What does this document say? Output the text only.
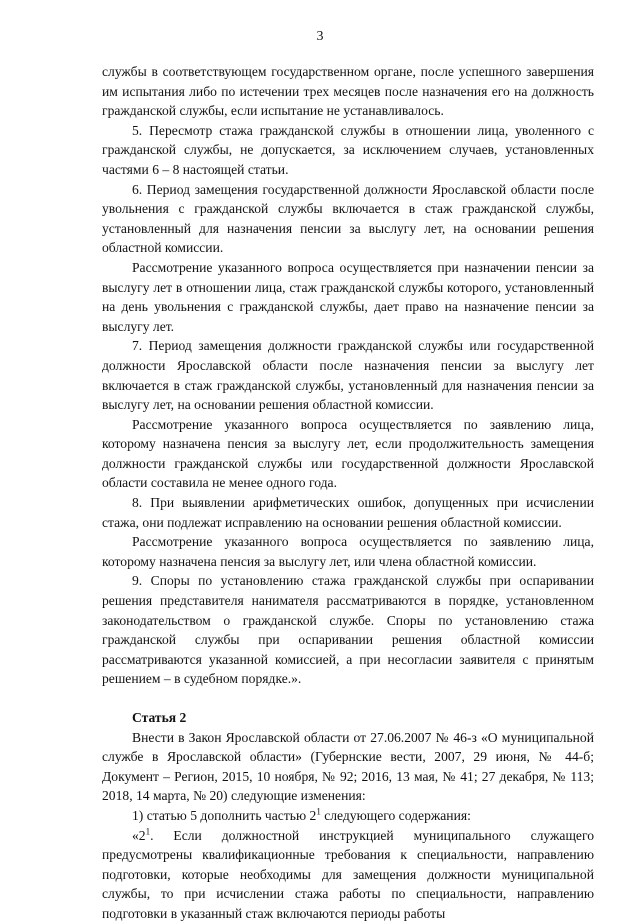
3

службы в соответствующем государственном органе, после успешного завершения им испытания либо по истечении трех месяцев после назначения его на должность гражданской службы, если испытание не устанавливалось.

5. Пересмотр стажа гражданской службы в отношении лица, уволенного с гражданской службы, не допускается, за исключением случаев, установленных частями 6 – 8 настоящей статьи.

6. Период замещения государственной должности Ярославской области после увольнения с гражданской службы включается в стаж гражданской службы, установленный для назначения пенсии за выслугу лет, на основании решения областной комиссии.

Рассмотрение указанного вопроса осуществляется при назначении пенсии за выслугу лет в отношении лица, стаж гражданской службы которого, установленный на день увольнения с гражданской службы, дает право на назначение пенсии за выслугу лет.

7. Период замещения должности гражданской службы или государственной должности Ярославской области после назначения пенсии за выслугу лет включается в стаж гражданской службы, установленный для назначения пенсии за выслугу лет, на основании решения областной комиссии.

Рассмотрение указанного вопроса осуществляется по заявлению лица, которому назначена пенсия за выслугу лет, если продолжительность замещения должности гражданской службы или государственной должности Ярославской области составила не менее одного года.

8. При выявлении арифметических ошибок, допущенных при исчислении стажа, они подлежат исправлению на основании решения областной комиссии.

Рассмотрение указанного вопроса осуществляется по заявлению лица, которому назначена пенсия за выслугу лет, или члена областной комиссии.

9. Споры по установлению стажа гражданской службы при оспаривании решения представителя нанимателя рассматриваются в порядке, установленном законодательством о гражданской службе. Споры по установлению стажа гражданской службы при оспаривании решения областной комиссии рассматриваются указанной комиссией, а при несогласии заявителя с принятым решением – в судебном порядке.».

Статья 2

Внести в Закон Ярославской области от 27.06.2007 № 46-з «О муниципальной службе в Ярославской области» (Губернские вести, 2007, 29 июня, № 44-б; Документ – Регион, 2015, 10 ноября, № 92; 2016, 13 мая, № 41; 27 декабря, № 113; 2018, 14 марта, № 20) следующие изменения:

1) статью 5 дополнить частью $2^1$ следующего содержания:

«$2^1$. Если должностной инструкцией муниципального служащего предусмотрены квалификационные требования к специальности, направлению подготовки, которые необходимы для замещения должности муниципальной службы, то при исчислении стажа работы по специальности, направлению подготовки в указанный стаж включаются периоды работы
